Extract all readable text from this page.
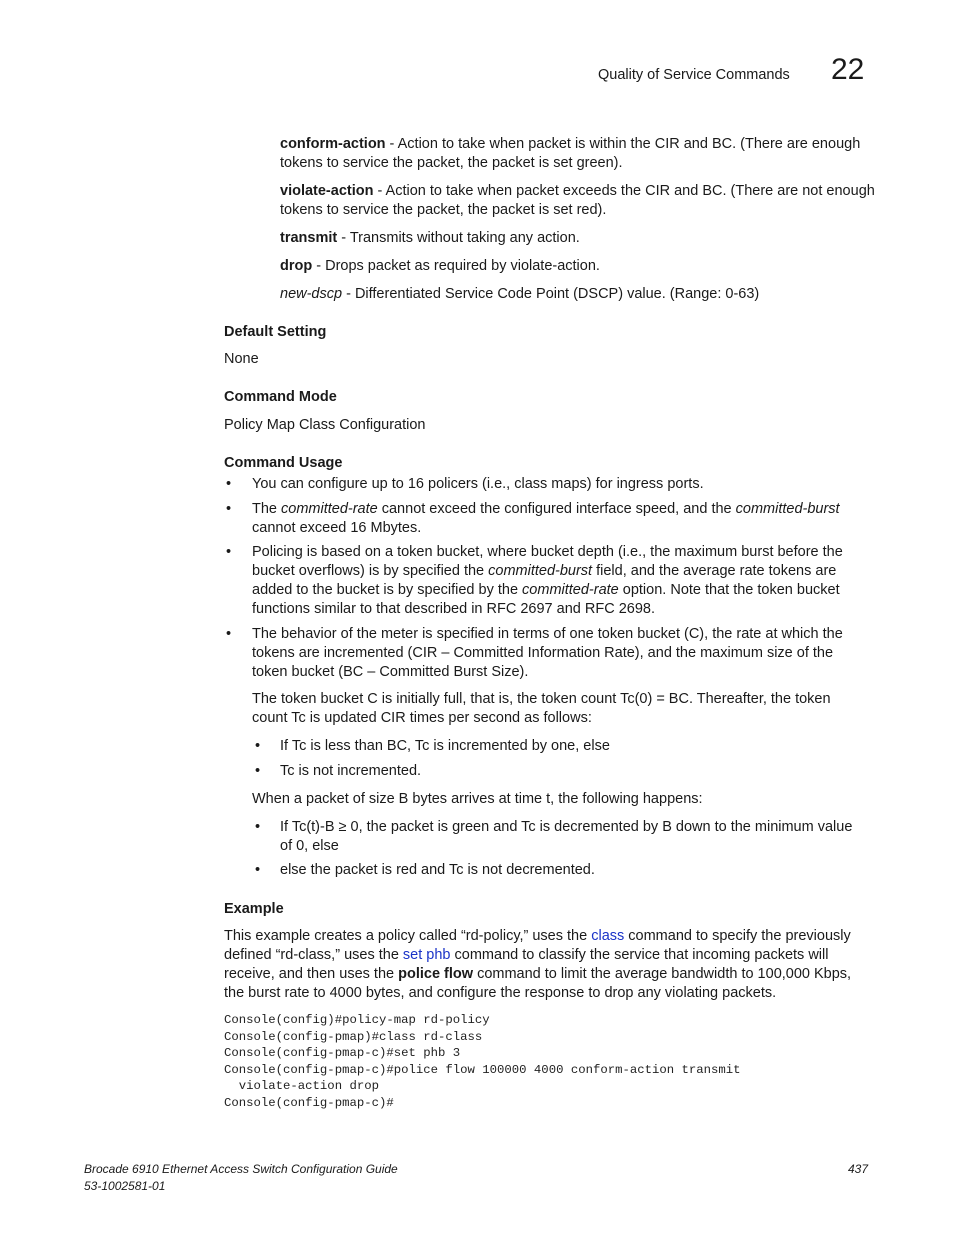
Quality of Service Commands 22
conform-action - Action to take when packet is within the CIR and BC. (There are enough
tokens to service the packet, the packet is set green).
violate-action - Action to take when packet exceeds the CIR and BC. (There are not enough
tokens to service the packet, the packet is set red).
transmit - Transmits without taking any action.
drop - Drops packet as required by violate-action.
new-dscp - Differentiated Service Code Point (DSCP) value. (Range: 0-63)
Default Setting
None
Command Mode
Policy Map Class Configuration
Command Usage
• You can configure up to 16 policers (i.e., class maps) for ingress ports.
• The committed-rate cannot exceed the configured interface speed, and the committed-burst
cannot exceed 16 Mbytes.
• Policing is based on a token bucket, where bucket depth (i.e., the maximum burst before the
bucket overflows) is by specified the committed-burst field, and the average rate tokens are
added to the bucket is by specified by the committed-rate option. Note that the token bucket
functions similar to that described in RFC 2697 and RFC 2698.
• The behavior of the meter is specified in terms of one token bucket (C), the rate at which the
tokens are incremented (CIR – Committed Information Rate), and the maximum size of the
token bucket (BC – Committed Burst Size).
The token bucket C is initially full, that is, the token count Tc(0) = BC. Thereafter, the token
count Tc is updated CIR times per second as follows:
• If Tc is less than BC, Tc is incremented by one, else
• Tc is not incremented.
When a packet of size B bytes arrives at time t, the following happens:
• If Tc(t)-B ≥ 0, the packet is green and Tc is decremented by B down to the minimum value
of 0, else
• else the packet is red and Tc is not decremented.
Example
This example creates a policy called “rd-policy,” uses the class command to specify the previously
defined “rd-class,” uses the set phb command to classify the service that incoming packets will
receive, and then uses the police flow command to limit the average bandwidth to 100,000 Kbps,
the burst rate to 4000 bytes, and configure the response to drop any violating packets.
Console(config)#policy-map rd-policy
Console(config-pmap)#class rd-class
Console(config-pmap-c)#set phb 3
Console(config-pmap-c)#police flow 100000 4000 conform-action transmit
violate-action drop
Console(config-pmap-c)#
Brocade 6910 Ethernet Access Switch Configuration Guide
53-1002581-01
437
